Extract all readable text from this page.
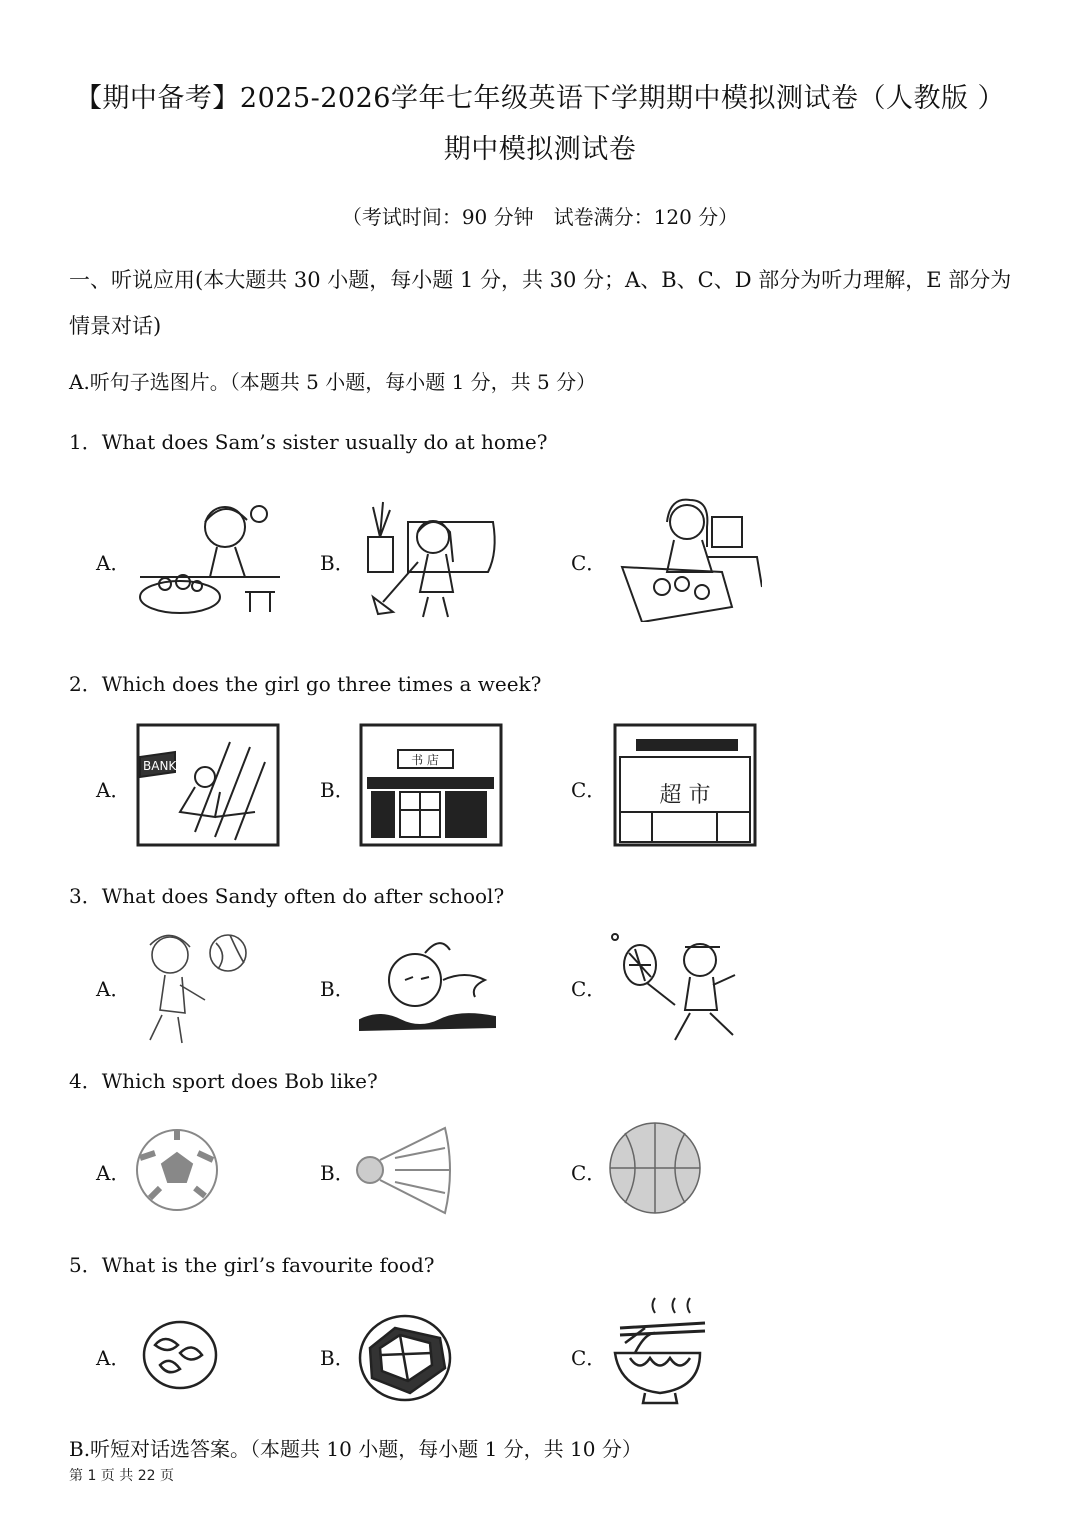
【期中备考】2025-2026学年七年级英语下学期期中模拟测试卷（人教版 ）
期中模拟测试卷
（考试时间：90 分钟　试卷满分：120 分）
一、听说应用(本大题共 30 小题，每小题 1 分，共 30 分；A、B、C、D 部分为听力理解，E 部分为情景对话)
A.听句子选图片。（本题共 5 小题，每小题 1 分，共 5 分）
1．What does Sam’s sister usually do at home?
A．	B．	C．
2．Which does the girl go three times a week?
A．	B．	C．
BANK	书 店
超 市
3．What does Sandy often do after school?
A．	B．	C．
4．Which sport does Bob like?
A．	B．	C．
5．What is the girl’s favourite food?
A．	B．	C．
B.听短对话选答案。（本题共 10 小题，每小题 1 分，共 10 分）
第 1 页 共 22 页
